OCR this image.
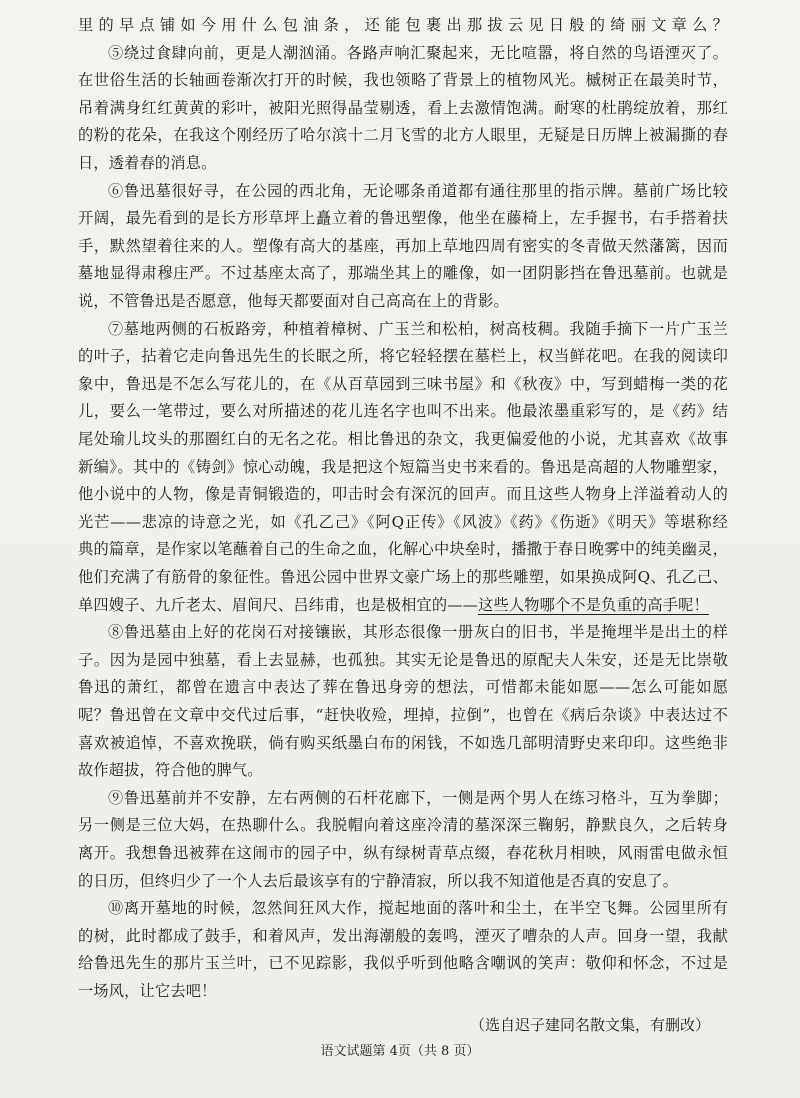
里的早点铺如今用什么包油条，还能包裹出那拔云见日般的绮丽文章么？
⑤绕过食肆向前，更是人潮汹涌。各路声响汇聚起来，无比喧嚣，将自然的鸟语湮灭了。
在世俗生活的长轴画卷渐次打开的时候，我也领略了背景上的植物风光。槭树正在最美时节，
吊着满身红红黄黄的彩叶，被阳光照得晶莹剔透，看上去激情饱满。耐寒的杜鹃绽放着，那红
的粉的花朵，在我这个刚经历了哈尔滨十二月飞雪的北方人眼里，无疑是日历牌上被漏撕的春
日，透着春的消息。
⑥鲁迅墓很好寻，在公园的西北角，无论哪条甬道都有通往那里的指示牌。墓前广场比较
开阔，最先看到的是长方形草坪上矗立着的鲁迅塑像，他坐在藤椅上，左手握书，右手搭着扶
手，默然望着往来的人。塑像有高大的基座，再加上草地四周有密实的冬青做天然藩篱，因而
墓地显得肃穆庄严。不过基座太高了，那端坐其上的雕像，如一团阴影挡在鲁迅墓前。也就是
说，不管鲁迅是否愿意，他每天都要面对自己高高在上的背影。
⑦墓地两侧的石板路旁，种植着樟树、广玉兰和松柏，树高枝稠。我随手摘下一片广玉兰
的叶子，拈着它走向鲁迅先生的长眠之所，将它轻轻摆在墓栏上，权当鲜花吧。在我的阅读印
象中，鲁迅是不怎么写花儿的，在《从百草园到三味书屋》和《秋夜》中，写到蜡梅一类的花
儿，要么一笔带过，要么对所描述的花儿连名字也叫不出来。他最浓墨重彩写的，是《药》结
尾处瑜儿坟头的那圈红白的无名之花。相比鲁迅的杂文，我更偏爱他的小说，尤其喜欢《故事
新编》。其中的《铸剑》惊心动魄，我是把这个短篇当史书来看的。鲁迅是高超的人物雕塑家，
他小说中的人物，像是青铜锻造的，叩击时会有深沉的回声。而且这些人物身上洋溢着动人的
光芒——悲凉的诗意之光，如《孔乙己》《阿Q正传》《风波》《药》《伤逝》《明天》等堪称经
典的篇章，是作家以笔蘸着自己的生命之血，化解心中块垒时，播撒于春日晚雾中的纯美幽灵，
他们充满了有筋骨的象征性。鲁迅公园中世界文豪广场上的那些雕塑，如果换成阿Q、孔乙己、
单四嫂子、九斤老太、眉间尺、吕纬甫，也是极相宜的——这些人物哪个不是负重的高手呢！
⑧鲁迅墓由上好的花岗石对接镶嵌，其形态很像一册灰白的旧书，半是掩埋半是出土的样
子。因为是园中独墓，看上去显赫，也孤独。其实无论是鲁迅的原配夫人朱安，还是无比崇敬
鲁迅的萧红，都曾在遗言中表达了葬在鲁迅身旁的想法，可惜都未能如愿——怎么可能如愿
呢？鲁迅曾在文章中交代过后事，“赶快收殓，埋掉，拉倒”，也曾在《病后杂谈》中表达过不
喜欢被追悼，不喜欢挽联，倘有购买纸墨白布的闲钱，不如选几部明清野史来印印。这些绝非
故作超拔，符合他的脾气。
⑨鲁迅墓前并不安静，左右两侧的石杆花廊下，一侧是两个男人在练习格斗，互为拳脚；
另一侧是三位大妈，在热聊什么。我脱帽向着这座冷清的墓深深三鞠躬，静默良久，之后转身
离开。我想鲁迅被葬在这闹市的园子中，纵有绿树青草点缀，春花秋月相映，风雨雷电做永恒
的日历，但终归少了一个人去后最该享有的宁静清寂，所以我不知道他是否真的安息了。
⑩离开墓地的时候，忽然间狂风大作，搅起地面的落叶和尘土，在半空飞舞。公园里所有
的树，此时都成了鼓手，和着风声，发出海潮般的轰鸣，湮灭了嘈杂的人声。回身一望，我献
给鲁迅先生的那片玉兰叶，已不见踪影，我似乎听到他略含嘲讽的笑声：敬仰和怀念，不过是
一场风，让它去吧！
（选自迟子建同名散文集，有删改）
语文试题第 4页（共 8 页）
